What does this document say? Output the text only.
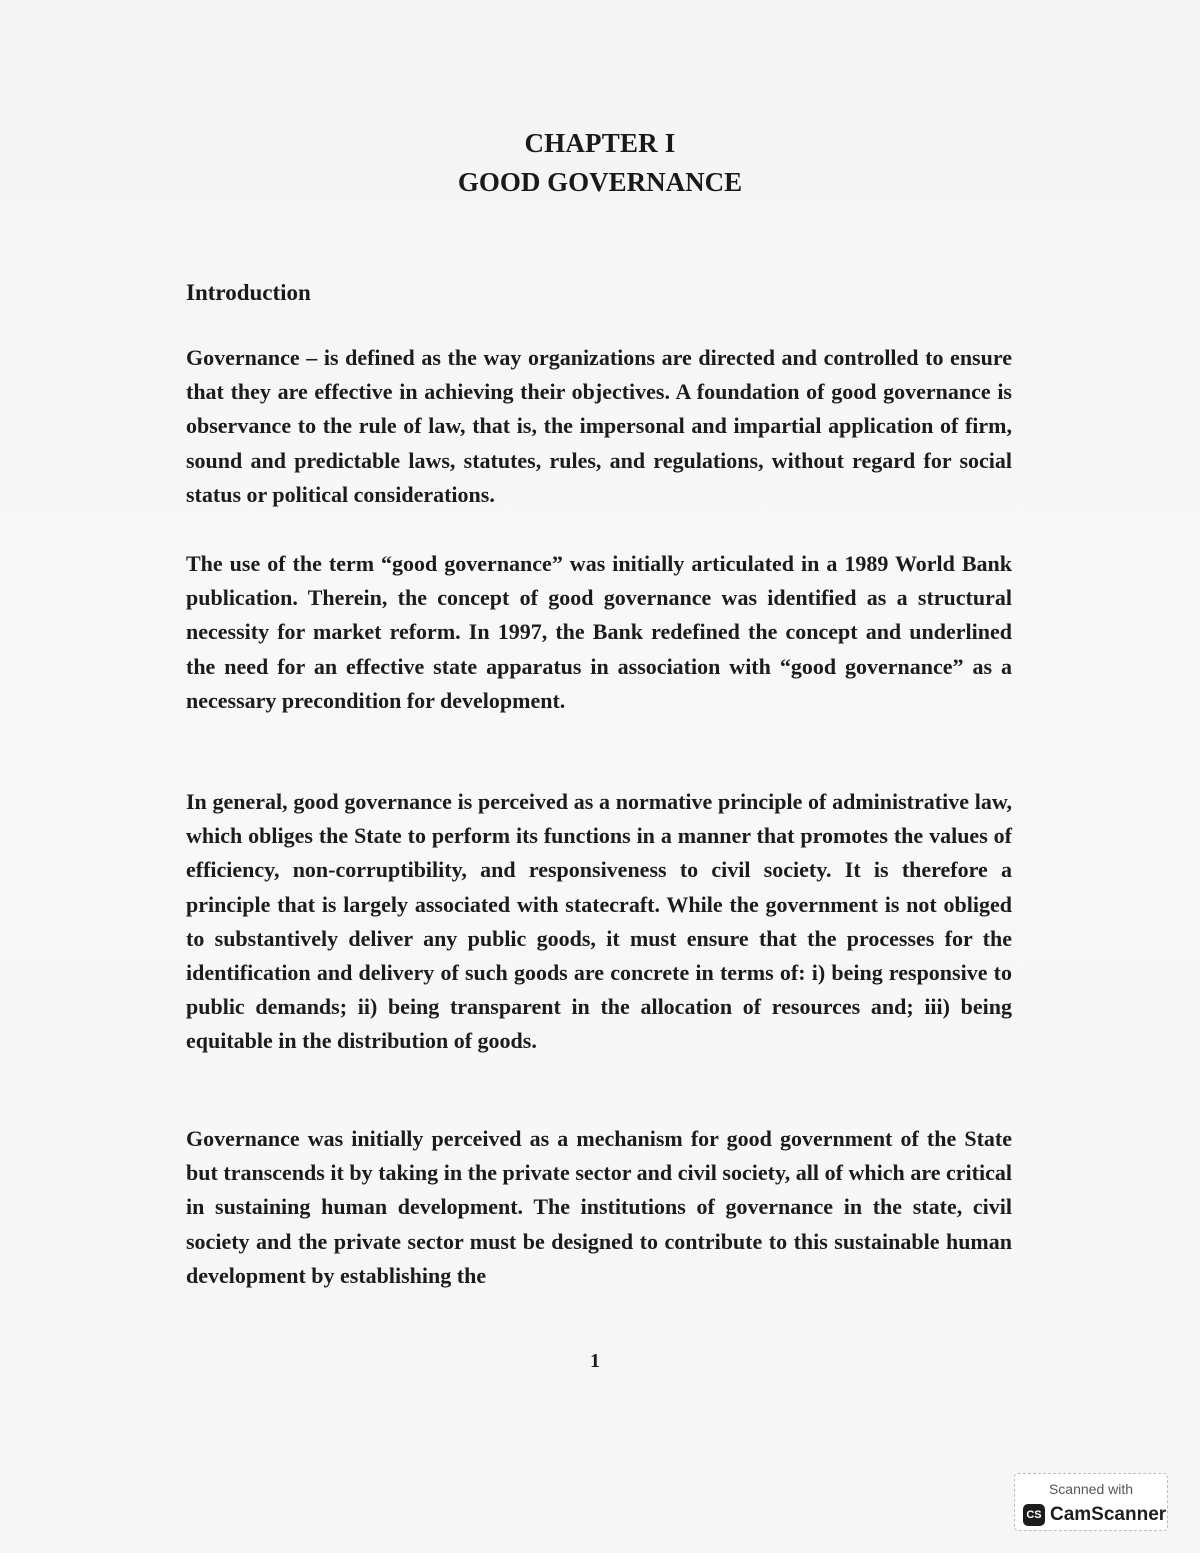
CHAPTER I
GOOD GOVERNANCE
Introduction

Governance – is defined as the way organizations are directed and controlled to ensure that they are effective in achieving their objectives. A foundation of good governance is observance to the rule of law, that is, the impersonal and impartial application of firm, sound and predictable laws, statutes, rules, and regulations, without regard for social status or political considerations.

The use of the term “good governance” was initially articulated in a 1989 World Bank publication. Therein, the concept of good governance was identified as a structural necessity for market reform. In 1997, the Bank redefined the concept and underlined the need for an effective state apparatus in association with “good governance” as a necessary precondition for development.

In general, good governance is perceived as a normative principle of administrative law, which obliges the State to perform its functions in a manner that promotes the values of efficiency, non-corruptibility, and responsiveness to civil society. It is therefore a principle that is largely associated with statecraft. While the government is not obliged to substantively deliver any public goods, it must ensure that the processes for the identification and delivery of such goods are concrete in terms of: i) being responsive to public demands; ii) being transparent in the allocation of resources and; iii) being equitable in the distribution of goods.

Governance was initially perceived as a mechanism for good government of the State but transcends it by taking in the private sector and civil society, all of which are critical in sustaining human development. The institutions of governance in the state, civil society and the private sector must be designed to contribute to this sustainable human development by establishing the

1
Scanned with
CS CamScanner
